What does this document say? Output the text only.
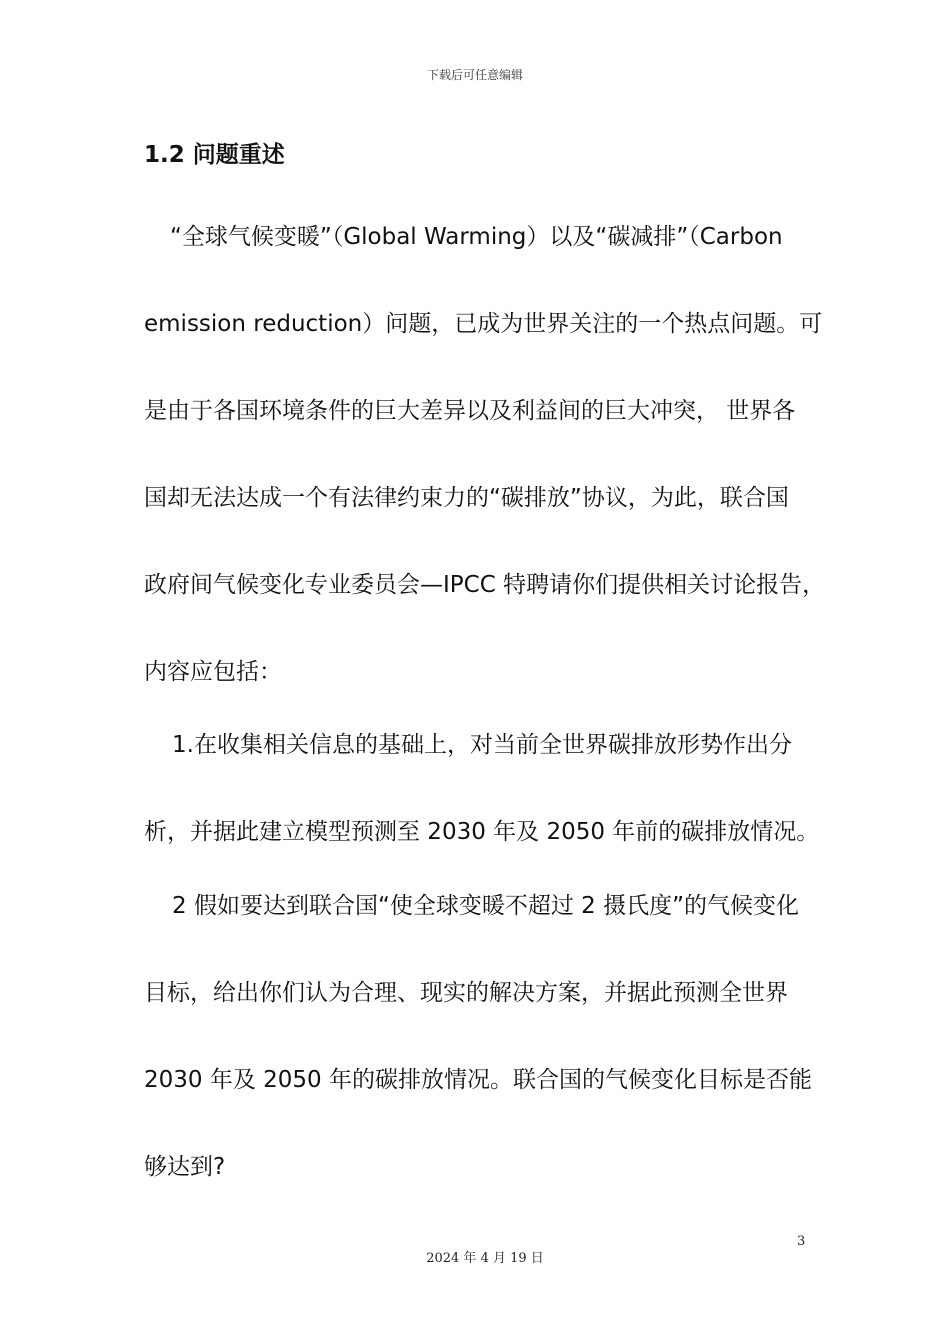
下载后可任意编辑
1.2 问题重述
“全球气候变暖”（Global Warming）以及“碳减排”（Carbon
emission reduction）问题，已成为世界关注的一个热点问题。可
是由于各国环境条件的巨大差异以及利益间的巨大冲突， 世界各
国却无法达成一个有法律约束力的“碳排放”协议，为此，联合国
政府间气候变化专业委员会—IPCC 特聘请你们提供相关讨论报告，
内容应包括：
1.在收集相关信息的基础上，对当前全世界碳排放形势作出分
析，并据此建立模型预测至 2030 年及 2050 年前的碳排放情况。
2 假如要达到联合国“使全球变暖不超过 2 摄氏度”的气候变化
目标，给出你们认为合理、现实的解决方案，并据此预测全世界
2030 年及 2050 年的碳排放情况。联合国的气候变化目标是否能
够达到?
3
2024 年 4 月 19 日
